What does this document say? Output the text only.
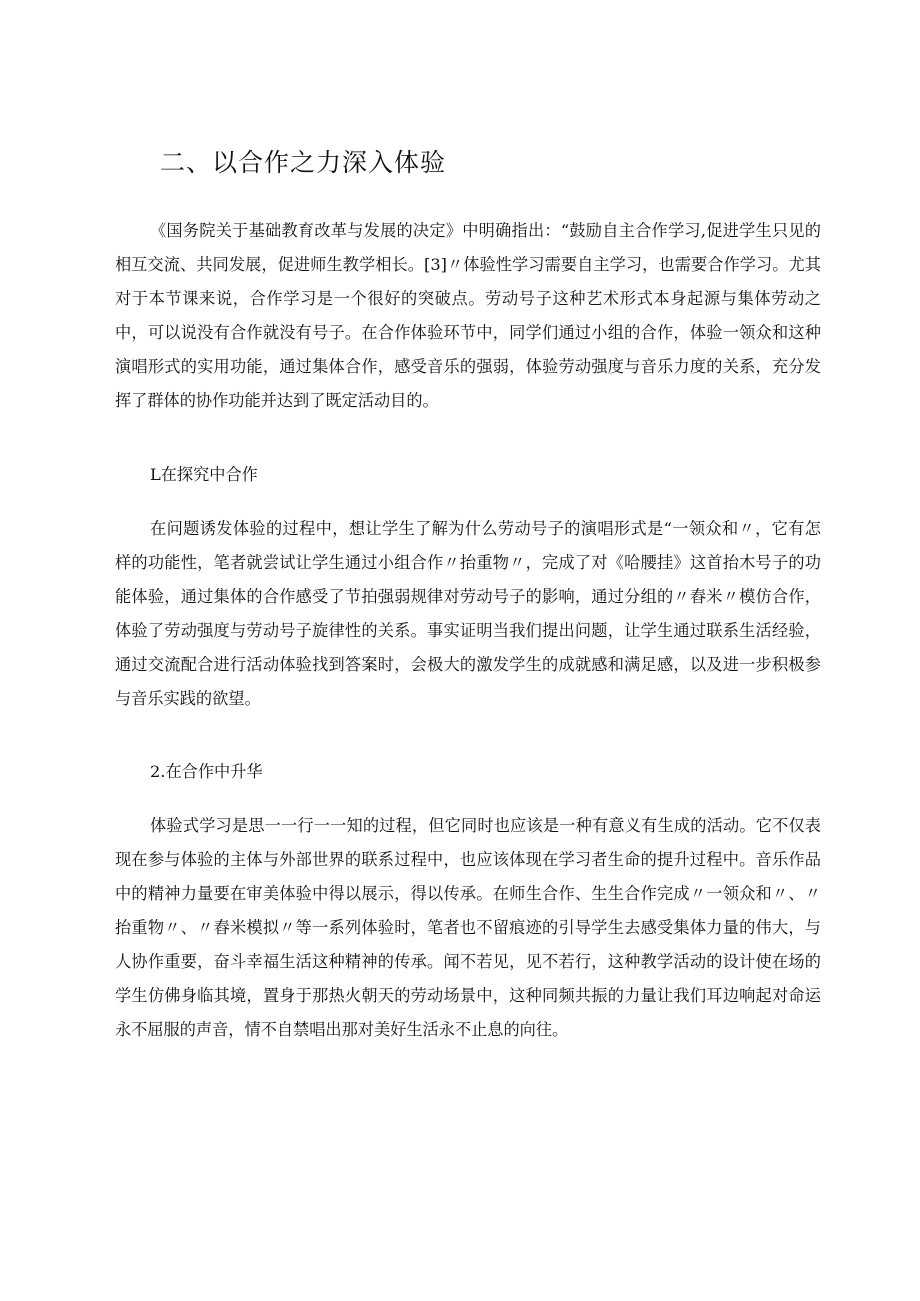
二、以合作之力深入体验

《国务院关于基础教育改革与发展的决定》中明确指出：“鼓励自主合作学习,促进学生只见的相互交流、共同发展，促进师生教学相长。[3]〃体验性学习需要自主学习，也需要合作学习。尤其对于本节课来说，合作学习是一个很好的突破点。劳动号子这种艺术形式本身起源与集体劳动之中，可以说没有合作就没有号子。在合作体验环节中，同学们通过小组的合作，体验一领众和这种演唱形式的实用功能，通过集体合作，感受音乐的强弱，体验劳动强度与音乐力度的关系，充分发挥了群体的协作功能并达到了既定活动目的。

L在探究中合作

在问题诱发体验的过程中，想让学生了解为什么劳动号子的演唱形式是“一领众和〃，它有怎样的功能性，笔者就尝试让学生通过小组合作〃抬重物〃，完成了对《哈腰挂》这首抬木号子的功能体验，通过集体的合作感受了节拍强弱规律对劳动号子的影响，通过分组的〃舂米〃模仿合作，体验了劳动强度与劳动号子旋律性的关系。事实证明当我们提出问题，让学生通过联系生活经验，通过交流配合进行活动体验找到答案时，会极大的激发学生的成就感和满足感，以及进一步积极参与音乐实践的欲望。

2.在合作中升华

体验式学习是思一一行一一知的过程，但它同时也应该是一种有意义有生成的活动。它不仅表现在参与体验的主体与外部世界的联系过程中，也应该体现在学习者生命的提升过程中。音乐作品中的精神力量要在审美体验中得以展示，得以传承。在师生合作、生生合作完成〃一领众和〃、〃抬重物〃、〃舂米模拟〃等一系列体验时，笔者也不留痕迹的引导学生去感受集体力量的伟大，与人协作重要，奋斗幸福生活这种精神的传承。闻不若见，见不若行，这种教学活动的设计使在场的学生仿佛身临其境，置身于那热火朝天的劳动场景中，这种同频共振的力量让我们耳边响起对命运永不屈服的声音，情不自禁唱出那对美好生活永不止息的向往。
